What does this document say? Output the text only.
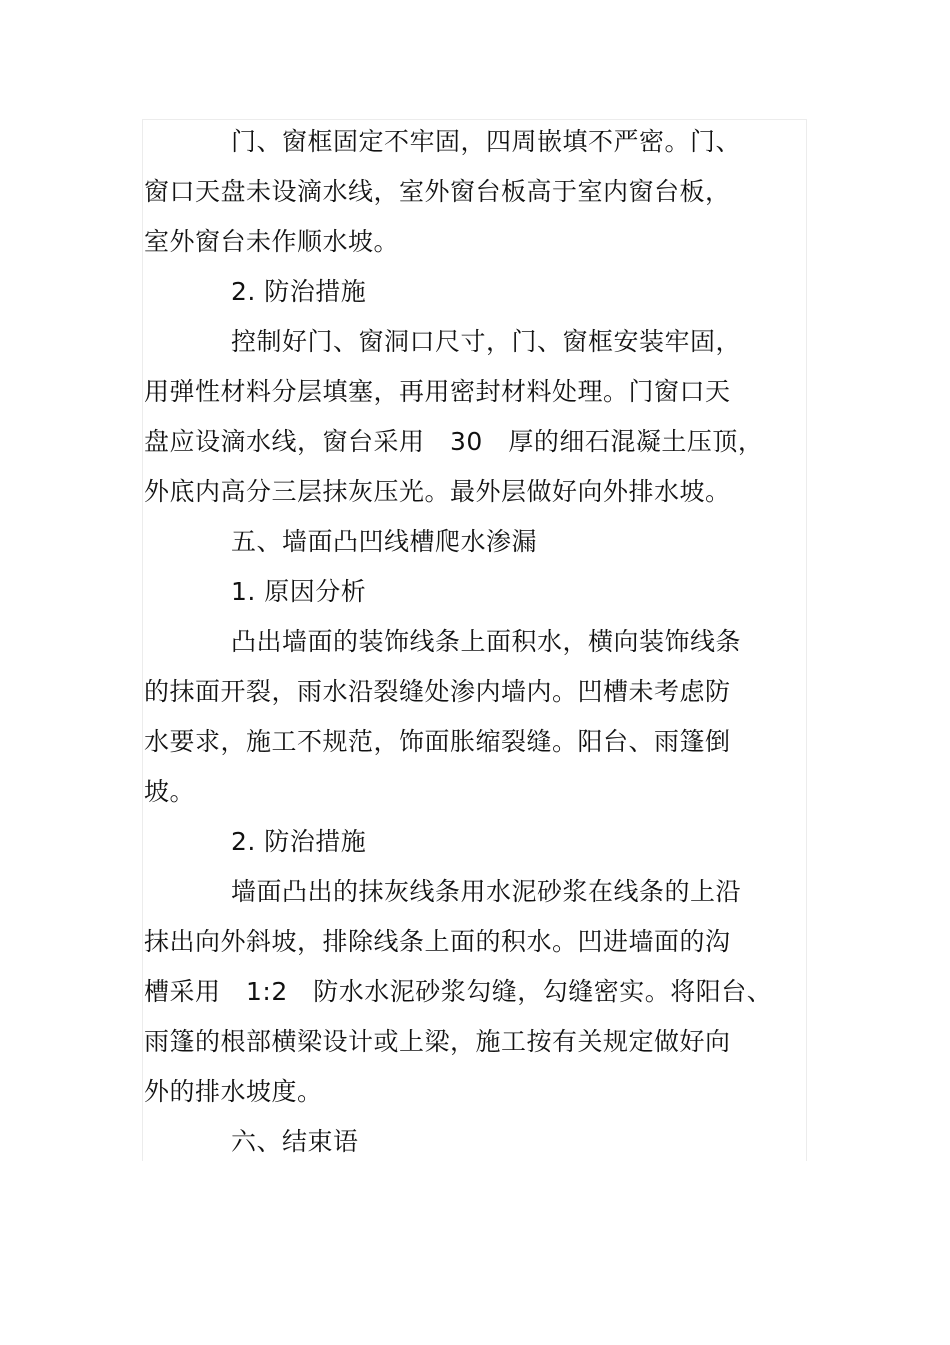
门、窗框固定不牢固，四周嵌填不严密。门、
窗口天盘未设滴水线，室外窗台板高于室内窗台板，
室外窗台未作顺水坡。
2. 防治措施
控制好门、窗洞口尺寸，门、窗框安装牢固，
用弹性材料分层填塞，再用密封材料处理。门窗口天
盘应设滴水线，窗台采用　30　厚的细石混凝土压顶，
外底内高分三层抹灰压光。最外层做好向外排水坡。
五、墙面凸凹线槽爬水渗漏
1. 原因分析
凸出墙面的装饰线条上面积水，横向装饰线条
的抹面开裂，雨水沿裂缝处渗内墙内。凹槽未考虑防
水要求，施工不规范，饰面胀缩裂缝。阳台、雨篷倒
坡。
2. 防治措施
墙面凸出的抹灰线条用水泥砂浆在线条的上沿
抹出向外斜坡，排除线条上面的积水。凹进墙面的沟
槽采用　1:2　防水水泥砂浆勾缝，勾缝密实。将阳台、
雨篷的根部横梁设计或上梁，施工按有关规定做好向
外的排水坡度。
六、结束语
